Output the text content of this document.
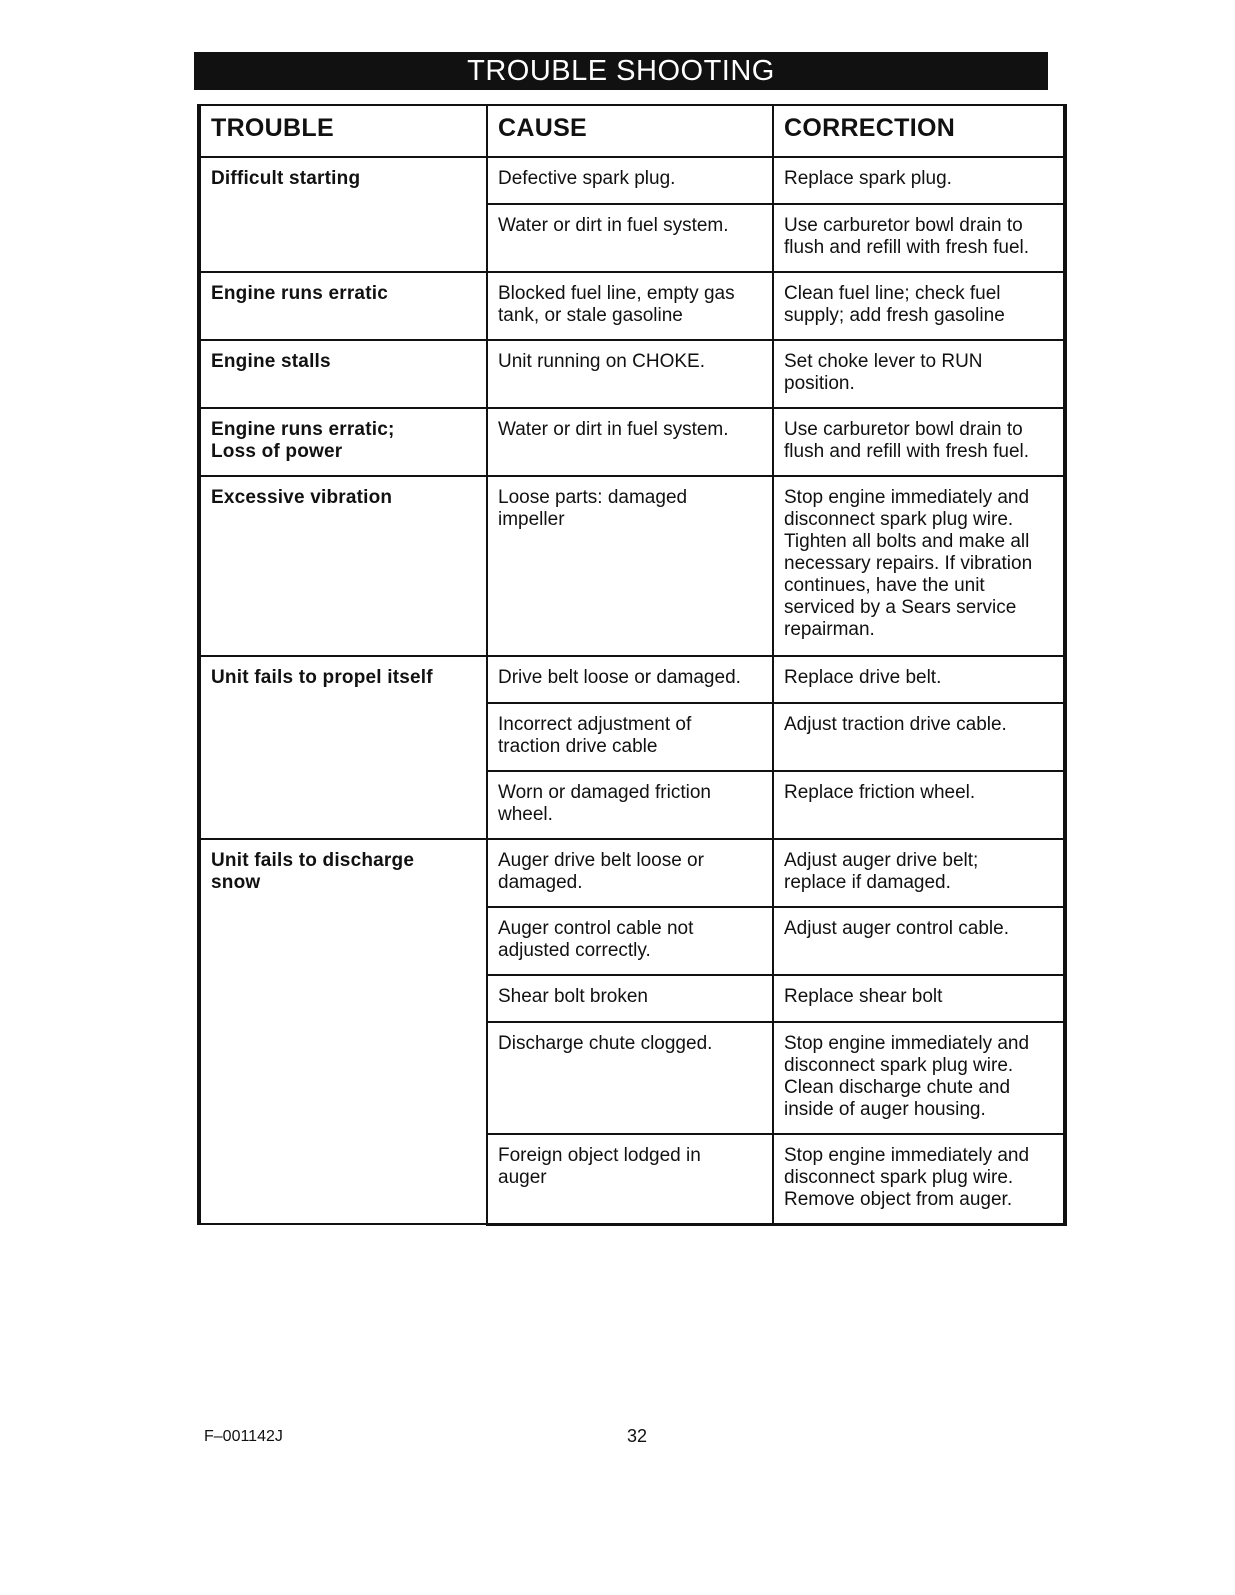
TROUBLE SHOOTING
TROUBLE	CAUSE	CORRECTION
Difficult starting	Defective spark plug.	Replace spark plug.
	Water or dirt in fuel system.	Use carburetor bowl drain to flush and refill with fresh fuel.
Engine runs erratic	Blocked fuel line, empty gas tank, or stale gasoline	Clean fuel line; check fuel supply; add fresh gasoline
Engine stalls	Unit running on CHOKE.	Set choke lever to RUN position.

Engine runs erratic; Loss of power	Water or dirt in fuel system.	Use carburetor bowl drain to flush and refill with fresh fuel.
Excessive vibration	Loose parts: damaged impeller	Stop engine immediately and disconnect spark plug wire. Tighten all bolts and make all necessary repairs. If vibration continues, have the unit serviced by a Sears service repairman.
Unit fails to propel itself	Drive belt loose or damaged.	Replace drive belt.

	Incorrect adjustment of traction drive cable	Adjust traction drive cable.

	Worn or damaged friction wheel.	Replace friction wheel.

Unit fails to discharge snow	Auger drive belt loose or damaged.	Adjust auger drive belt; replace if damaged.

	Auger control cable not adjusted correctly.	Adjust auger control cable.
	Shear bolt broken	Replace shear bolt
	Discharge chute clogged.	Stop engine immediately and disconnect spark plug wire. Clean discharge chute and inside of auger housing.

	Foreign object lodged in auger	Stop engine immediately and disconnect spark plug wire. Remove object from auger.
F–001142J	32
